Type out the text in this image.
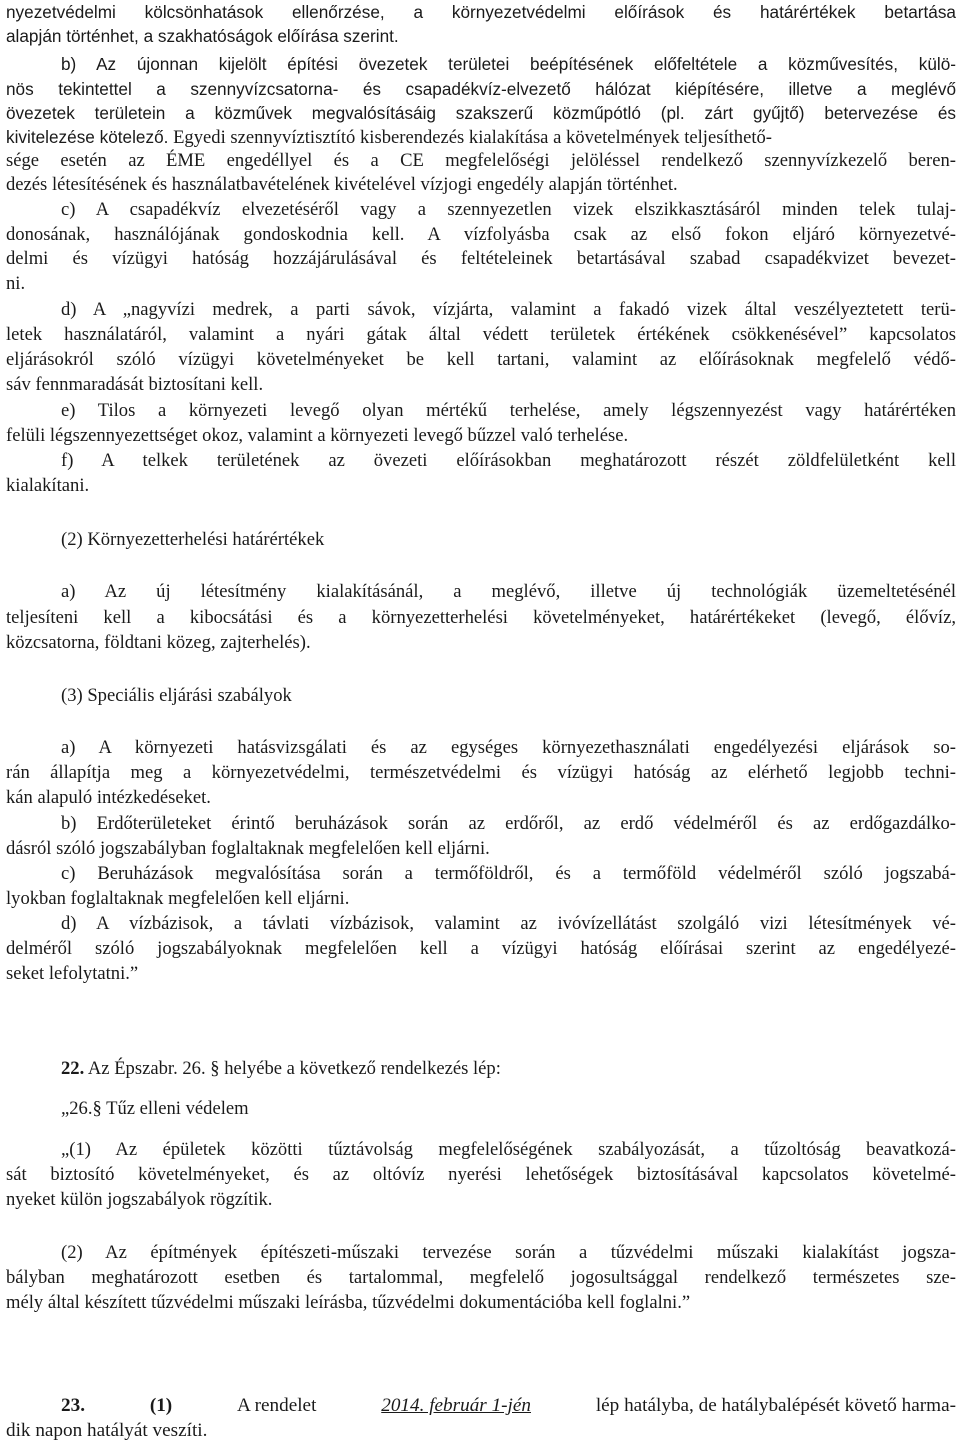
nyezetvédelmi kölcsönhatások ellenőrzése, a környezetvédelmi előírások és határértékek betartása
alapján történhet, a szakhatóságok előírása szerint.
b) Az újonnan kijelölt építési övezetek területei beépítésének előfeltétele a közművesítés, külö-
nös tekintettel a szennyvízcsatorna- és csapadékvíz-elvezető hálózat kiépítésére, illetve a meglévő
övezetek területein a közművek megvalósításáig szakszerű közműpótló (pl. zárt gyűjtő) betervezése és
kivitelezése kötelező. Egyedi szennyvíztisztító kisberendezés kialakítása a követelmények teljesíthető-
sége esetén az ÉME engedéllyel és a CE megfelelőségi jelöléssel rendelkező szennyvízkezelő beren-
dezés létesítésének és használatbavételének kivételével vízjogi engedély alapján történhet.
c) A csapadékvíz elvezetéséről vagy a szennyezetlen vizek elszikkasztásáról minden telek tulaj-
donosának, használójának gondoskodnia kell. A vízfolyásba csak az első fokon eljáró környezetvé-
delmi és vízügyi hatóság hozzájárulásával és feltételeinek betartásával szabad csapadékvizet bevezet-
ni.
d) A „nagyvízi medrek, a parti sávok, vízjárta, valamint a fakadó vizek által veszélyeztetett terü-
letek használatáról, valamint a nyári gátak által védett területek értékének csökkenésével” kapcsolatos
eljárásokról szóló vízügyi követelményeket be kell tartani, valamint az előírásoknak megfelelő védő-
sáv fennmaradását biztosítani kell.
e) Tilos a környezeti levegő olyan mértékű terhelése, amely légszennyezést vagy határértéken
felüli légszennyezettséget okoz, valamint a környezeti levegő bűzzel való terhelése.
f) A telkek területének az övezeti előírásokban meghatározott részét zöldfelületként kell
kialakítani.
(2) Környezetterhelési határértékek
a) Az új létesítmény kialakításánál, a meglévő, illetve új technológiák üzemeltetésénél
teljesíteni kell a kibocsátási és a környezetterhelési követelményeket, határértékeket (levegő, élővíz,
közcsatorna, földtani közeg, zajterhelés).
(3) Speciális eljárási szabályok
a) A környezeti hatásvizsgálati és az egységes környezethasználati engedélyezési eljárások so-
rán állapítja meg a környezetvédelmi, természetvédelmi és vízügyi hatóság az elérhető legjobb techni-
kán alapuló intézkedéseket.
b) Erdőterületeket érintő beruházások során az erdőről, az erdő védelméről és az erdőgazdálko-
dásról szóló jogszabályban foglaltaknak megfelelően kell eljárni.
c) Beruházások megvalósítása során a termőföldről, és a termőföld védelméről szóló jogszabá-
lyokban foglaltaknak megfelelően kell eljárni.
d) A vízbázisok, a távlati vízbázisok, valamint az ivóvízellátást szolgáló vizi létesítmények vé-
delméről szóló jogszabályoknak megfelelően kell a vízügyi hatóság előírásai szerint az engedélyezé-
seket lefolytatni.”
22. Az Épszabr. 26. § helyébe a következő rendelkezés lép:
„26.§ Tűz elleni védelem
„(1) Az épületek közötti tűztávolság megfelelőségének szabályozását, a tűzoltóság beavatkozá-
sát biztosító követelményeket, és az oltóvíz nyerési lehetőségek biztosításával kapcsolatos követelmé-
nyeket külön jogszabályok rögzítik.
(2) Az építmények építészeti-műszaki tervezése során a tűzvédelmi műszaki kialakítást jogsza-
bályban meghatározott esetben és tartalommal, megfelelő jogosultsággal rendelkező természetes sze-
mély által készített tűzvédelmi műszaki leírásba, tűzvédelmi dokumentációba kell foglalni.”
23.	(1)	A rendelet	2014. február 1-jén	lép hatályba, de hatálybalépését követő harma-
dik napon hatályát veszíti.
